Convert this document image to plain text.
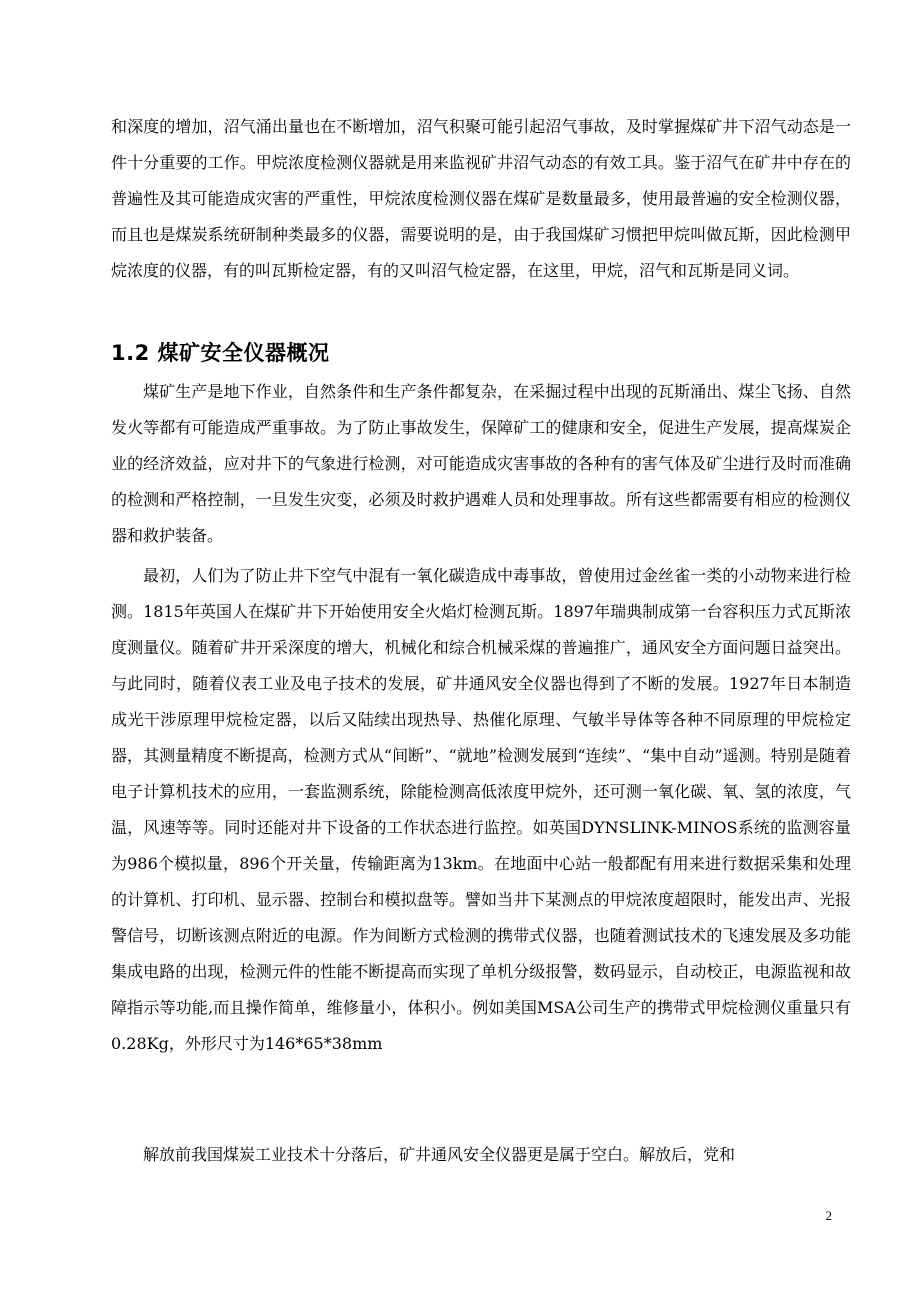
和深度的增加，沼气涌出量也在不断增加，沼气积聚可能引起沼气事故，及时掌握煤矿井下沼气动态是一件十分重要的工作。甲烷浓度检测仪器就是用来监视矿井沼气动态的有效工具。鉴于沼气在矿井中存在的普遍性及其可能造成灾害的严重性，甲烷浓度检测仪器在煤矿是数量最多，使用最普遍的安全检测仪器，而且也是煤炭系统研制种类最多的仪器，需要说明的是，由于我国煤矿习惯把甲烷叫做瓦斯，因此检测甲烷浓度的仪器，有的叫瓦斯检定器，有的又叫沼气检定器，在这里，甲烷，沼气和瓦斯是同义词。

1.2 煤矿安全仪器概况

煤矿生产是地下作业，自然条件和生产条件都复杂，在采掘过程中出现的瓦斯涌出、煤尘飞扬、自然发火等都有可能造成严重事故。为了防止事故发生，保障矿工的健康和安全，促进生产发展，提高煤炭企业的经济效益，应对井下的气象进行检测，对可能造成灾害事故的各种有的害气体及矿尘进行及时而准确的检测和严格控制，一旦发生灾变，必须及时救护遇难人员和处理事故。所有这些都需要有相应的检测仪器和救护装备。

最初，人们为了防止井下空气中混有一氧化碳造成中毒事故，曾使用过金丝雀一类的小动物来进行检测。1815年英国人在煤矿井下开始使用安全火焰灯检测瓦斯。1897年瑞典制成第一台容积压力式瓦斯浓度测量仪。随着矿井开采深度的增大，机械化和综合机械采煤的普遍推广，通风安全方面问题日益突出。与此同时，随着仪表工业及电子技术的发展，矿井通风安全仪器也得到了不断的发展。1927年日本制造成光干涉原理甲烷检定器，以后又陆续出现热导、热催化原理、气敏半导体等各种不同原理的甲烷检定器，其测量精度不断提高，检测方式从“间断”、“就地”检测发展到“连续”、“集中自动”遥测。特别是随着电子计算机技术的应用，一套监测系统，除能检测高低浓度甲烷外，还可测一氧化碳、氧、氢的浓度，气温，风速等等。同时还能对井下设备的工作状态进行监控。如英国DYNSLINK-MINOS系统的监测容量为986个模拟量，896个开关量，传输距离为13km。在地面中心站一般都配有用来进行数据采集和处理的计算机、打印机、显示器、控制台和模拟盘等。譬如当井下某测点的甲烷浓度超限时，能发出声、光报警信号，切断该测点附近的电源。作为间断方式检测的携带式仪器，也随着测试技术的飞速发展及多功能集成电路的出现，检测元件的性能不断提高而实现了单机分级报警，数码显示，自动校正，电源监视和故障指示等功能,而且操作简单，维修量小，体积小。例如美国MSA公司生产的携带式甲烷检测仪重量只有0.28Kg，外形尺寸为146*65*38mm

解放前我国煤炭工业技术十分落后，矿井通风安全仪器更是属于空白。解放后，党和

2
